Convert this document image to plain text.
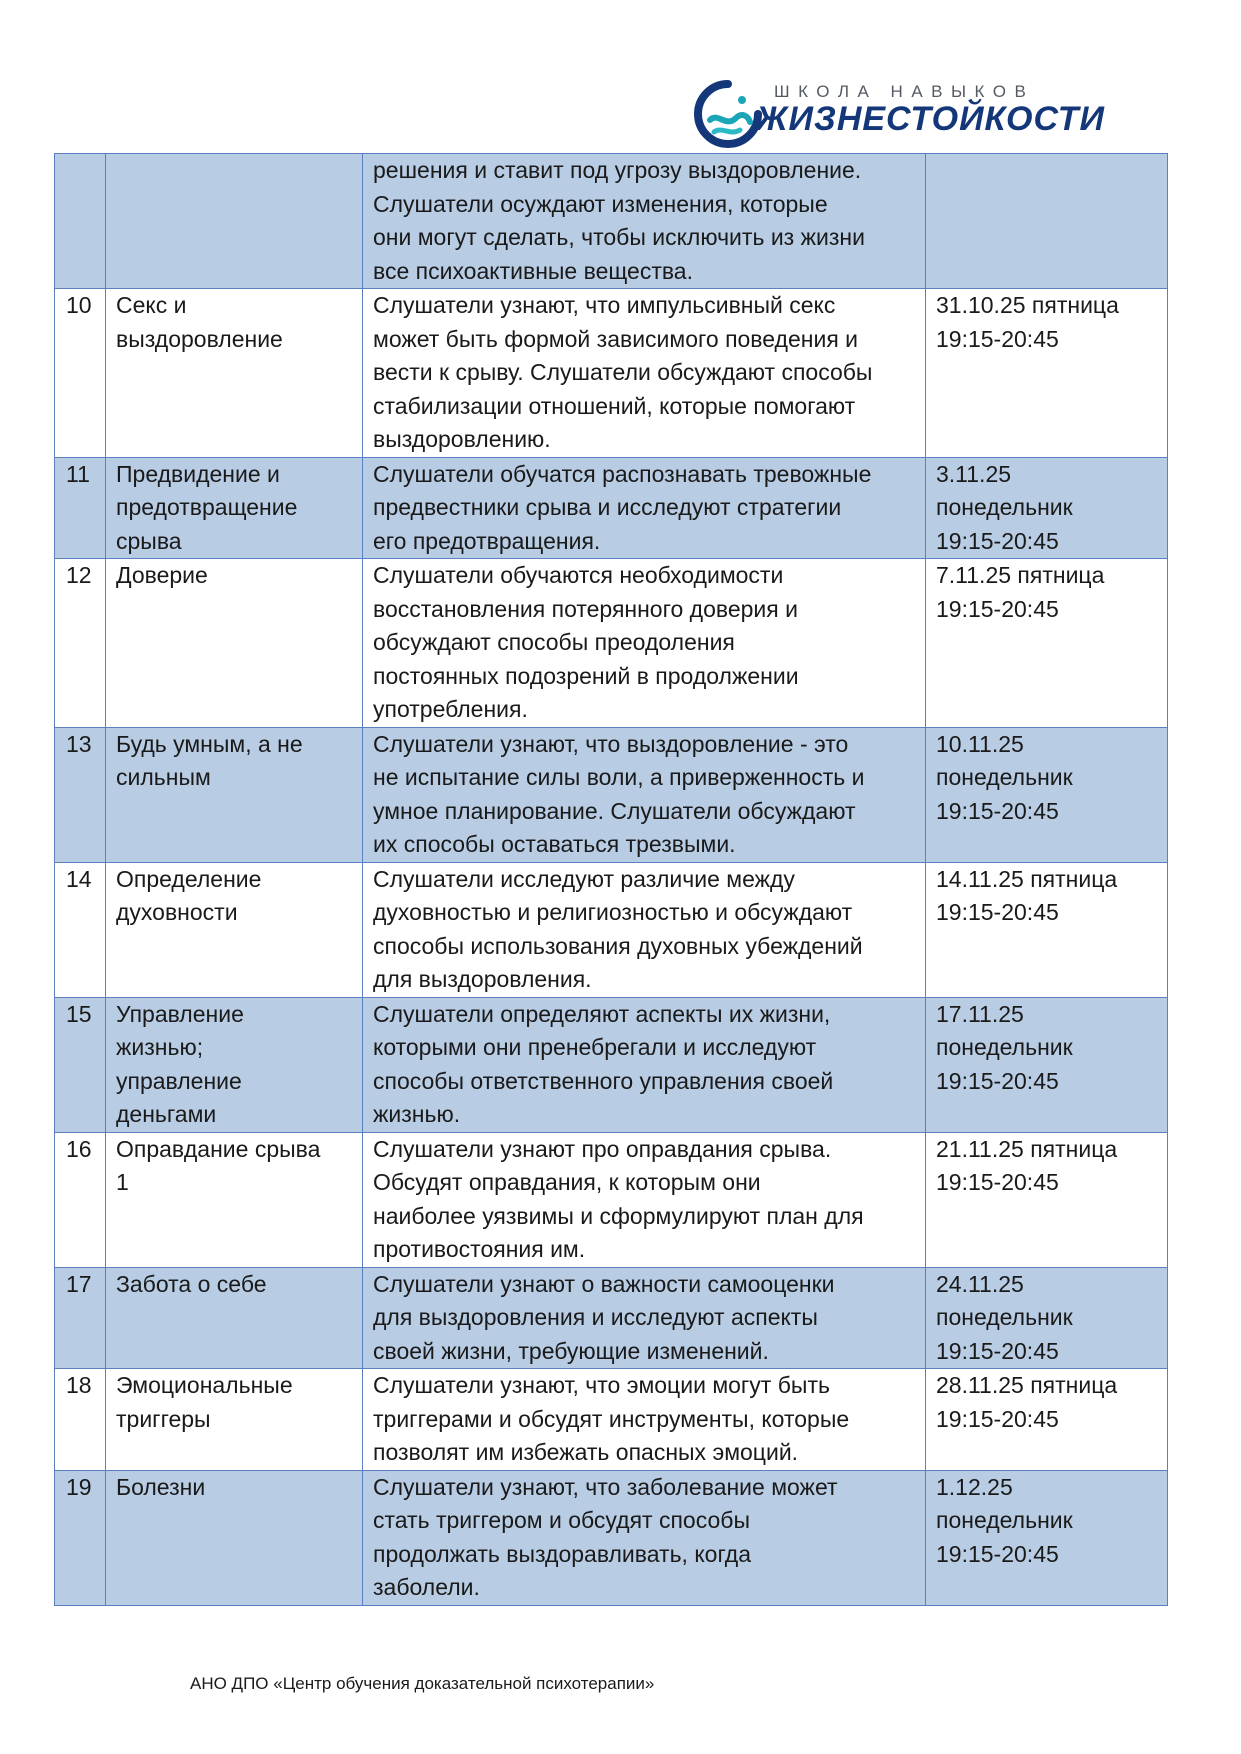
ШКОЛА НАВЫКОВ
ЖИЗНЕСТОЙКОСТИ

		решения и ставит под угрозу выздоровление.
Слушатели осуждают изменения, которые
они могут сделать, чтобы исключить из жизни
все психоактивные вещества.	

10	Секс и
выздоровление	Слушатели узнают, что импульсивный секс
может быть формой зависимого поведения и
вести к срыву. Слушатели обсуждают способы
стабилизации отношений, которые помогают
выздоровлению.	31.10.25 пятница
19:15-20:45

11	Предвидение и
предотвращение
срыва	Слушатели обучатся распознавать тревожные
предвестники срыва и исследуют стратегии
его предотвращения.	3.11.25
понедельник
19:15-20:45

12	Доверие	Слушатели обучаются необходимости
восстановления потерянного доверия и
обсуждают способы преодоления
постоянных подозрений в продолжении
употребления.	7.11.25 пятница
19:15-20:45

13	Будь умным, а не
сильным	Слушатели узнают, что выздоровление - это
не испытание силы воли, а приверженность и
умное планирование. Слушатели обсуждают
их способы оставаться трезвыми.	10.11.25
понедельник
19:15-20:45

14	Определение
духовности	Слушатели исследуют различие между
духовностью и религиозностью и обсуждают
способы использования духовных убеждений
для выздоровления.	14.11.25 пятница
19:15-20:45

15	Управление
жизнью;
управление
деньгами	Слушатели определяют аспекты их жизни,
которыми они пренебрегали и исследуют
способы ответственного управления своей
жизнью.	17.11.25
понедельник
19:15-20:45

16	Оправдание срыва
1	Слушатели узнают про оправдания срыва.
Обсудят оправдания, к которым они
наиболее уязвимы и сформулируют план для
противостояния им.	21.11.25 пятница
19:15-20:45

17	Забота о себе	Слушатели узнают о важности самооценки
для выздоровления и исследуют аспекты
своей жизни, требующие изменений.	24.11.25
понедельник
19:15-20:45

18	Эмоциональные
триггеры	Слушатели узнают, что эмоции могут быть
триггерами и обсудят инструменты, которые
позволят им избежать опасных эмоций.	28.11.25 пятница
19:15-20:45

19	Болезни	Слушатели узнают, что заболевание может
стать триггером и обсудят способы
продолжать выздоравливать, когда
заболели.	1.12.25
понедельник
19:15-20:45
АНО ДПО «Центр обучения доказательной психотерапии»
